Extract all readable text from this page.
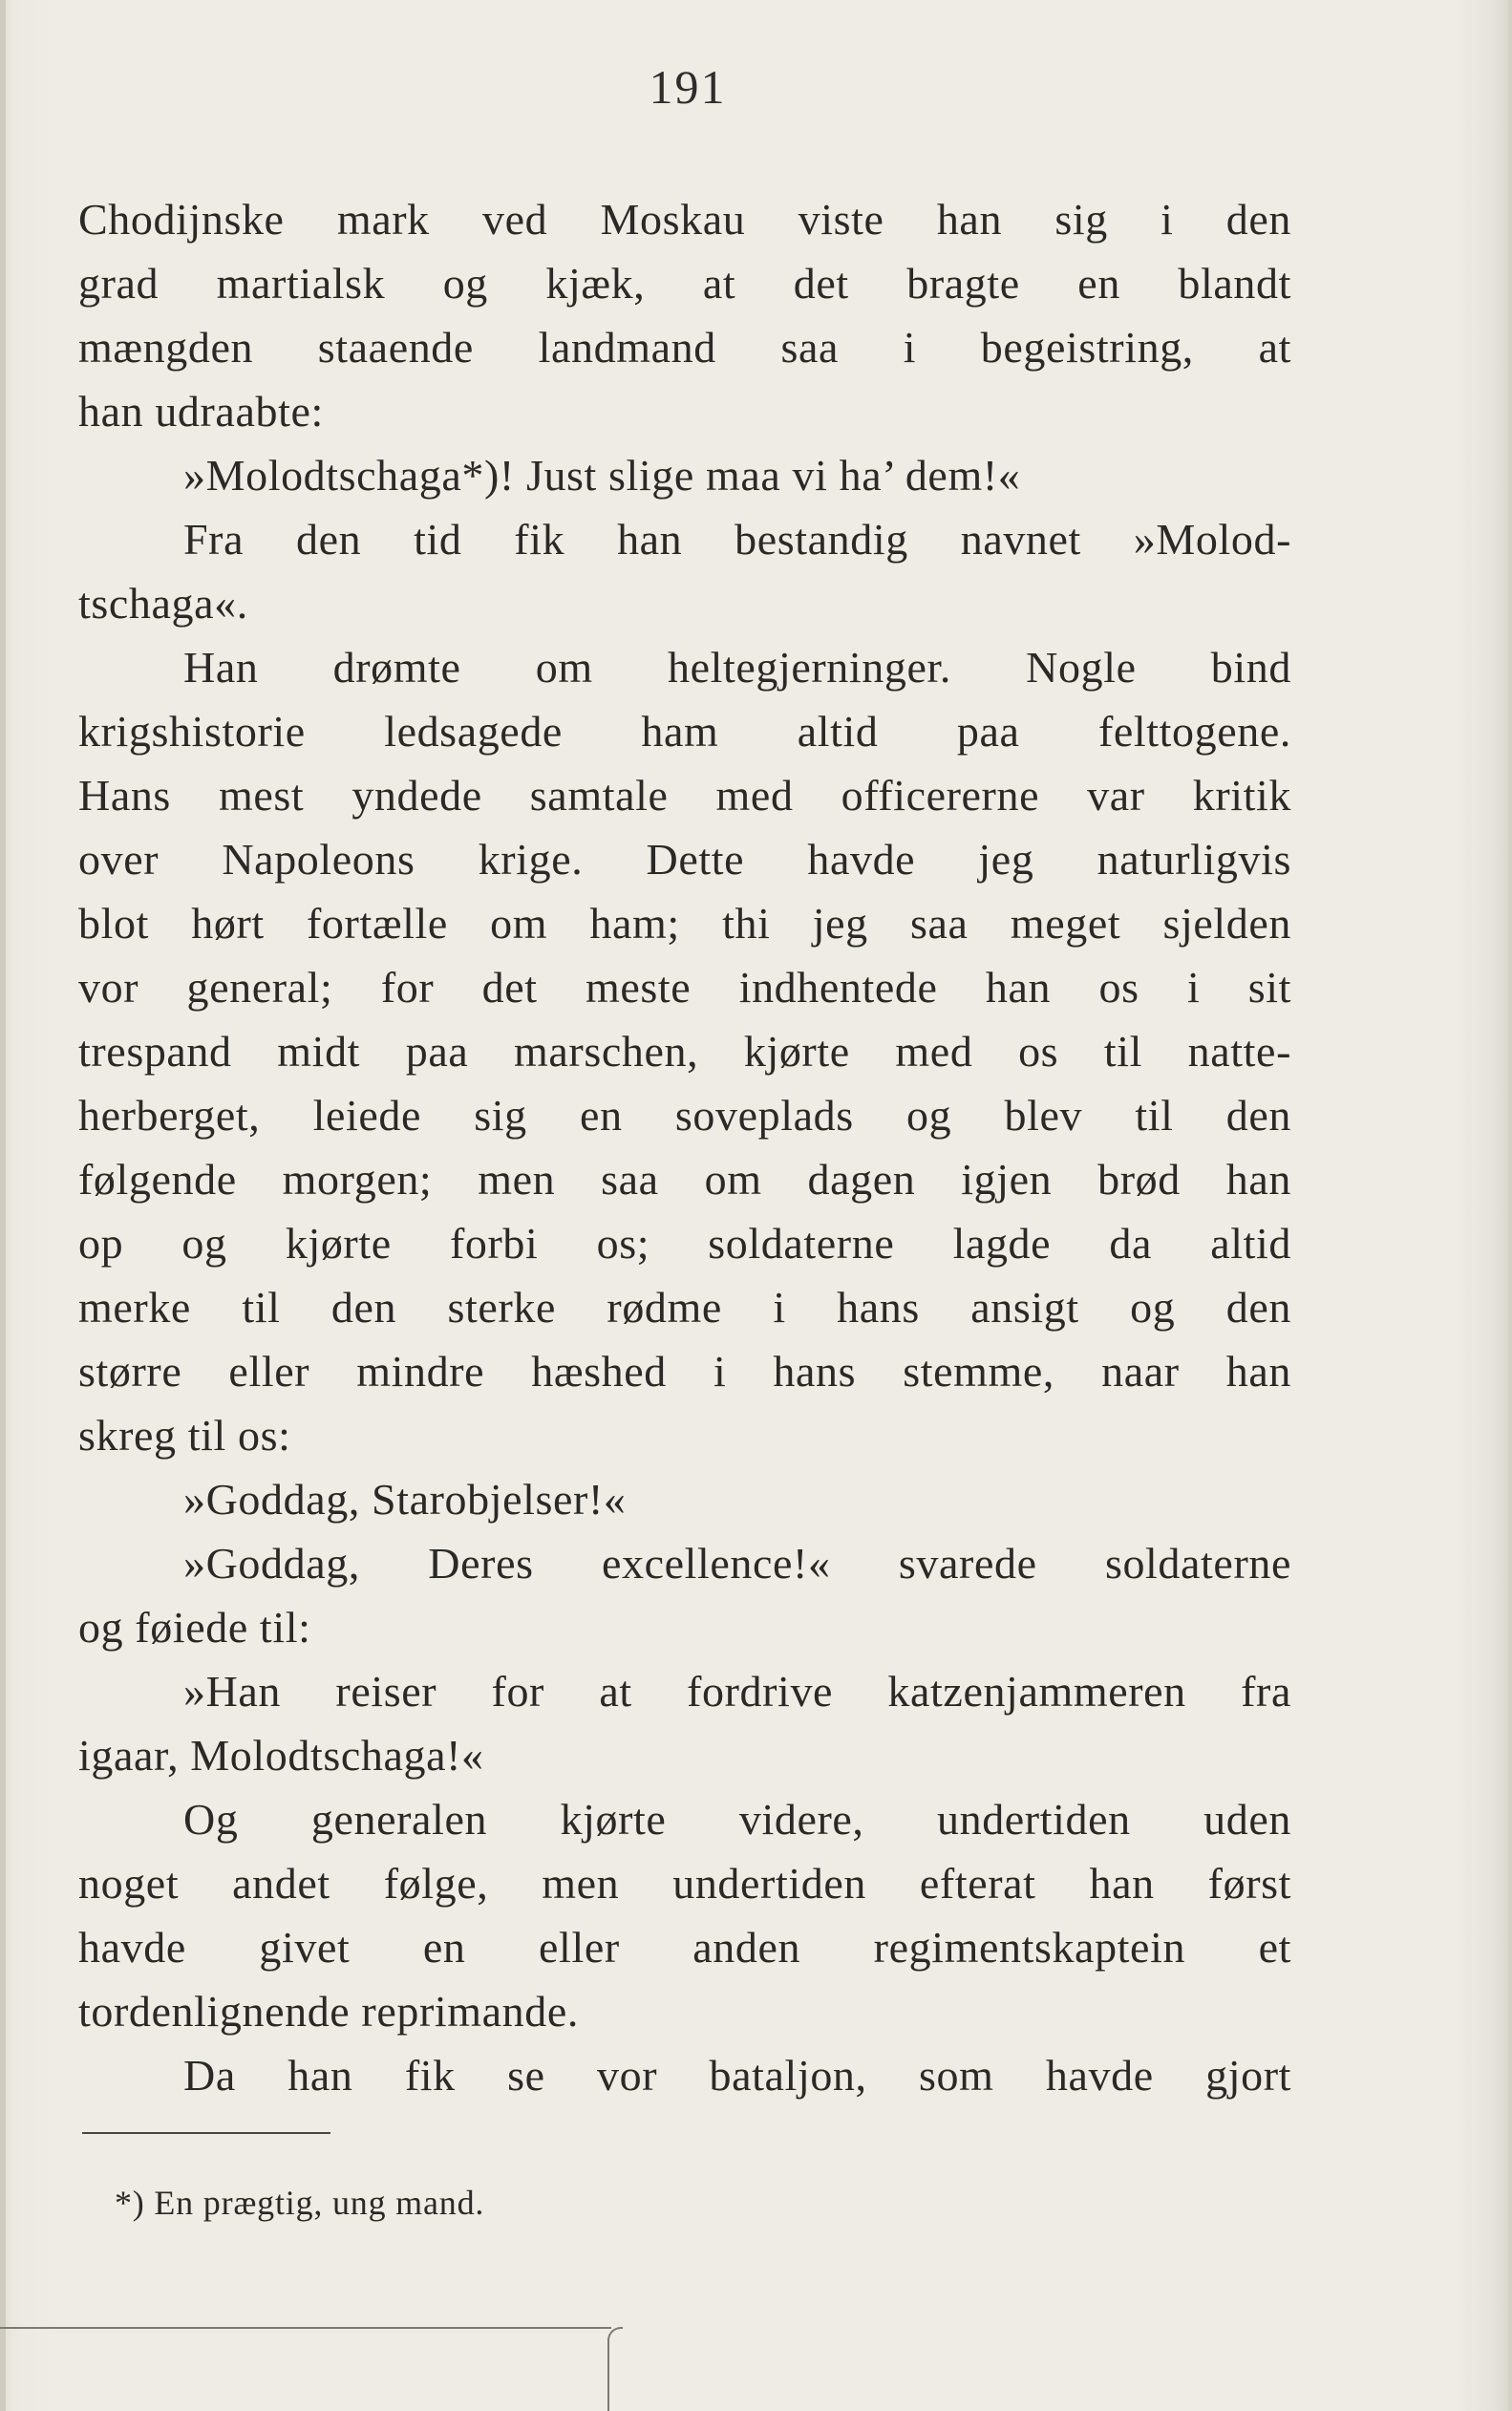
191
Chodijnske mark ved Moskau viste han sig i den
grad martialsk og kjæk, at det bragte en blandt
mængden staaende landmand saa i begeistring, at
han udraabte:
»Molodtschaga*)! Just slige maa vi ha’ dem!«
Fra den tid fik han bestandig navnet »Molod-
tschaga«.
Han drømte om heltegjerninger. Nogle bind
krigshistorie ledsagede ham altid paa felttogene.
Hans mest yndede samtale med officererne var kritik
over Napoleons krige. Dette havde jeg naturligvis
blot hørt fortælle om ham; thi jeg saa meget sjelden
vor general; for det meste indhentede han os i sit
trespand midt paa marschen, kjørte med os til natte-
herberget, leiede sig en soveplads og blev til den
følgende morgen; men saa om dagen igjen brød han
op og kjørte forbi os; soldaterne lagde da altid
merke til den sterke rødme i hans ansigt og den
større eller mindre hæshed i hans stemme, naar han
skreg til os:
»Goddag, Starobjelser!«
»Goddag, Deres excellence!« svarede soldaterne
og føiede til:
»Han reiser for at fordrive katzenjammeren fra
igaar, Molodtschaga!«
Og generalen kjørte videre, undertiden uden
noget andet følge, men undertiden efterat han først
havde givet en eller anden regimentskaptein et
tordenlignende reprimande.
Da han fik se vor bataljon, som havde gjort
*) En prægtig, ung mand.
